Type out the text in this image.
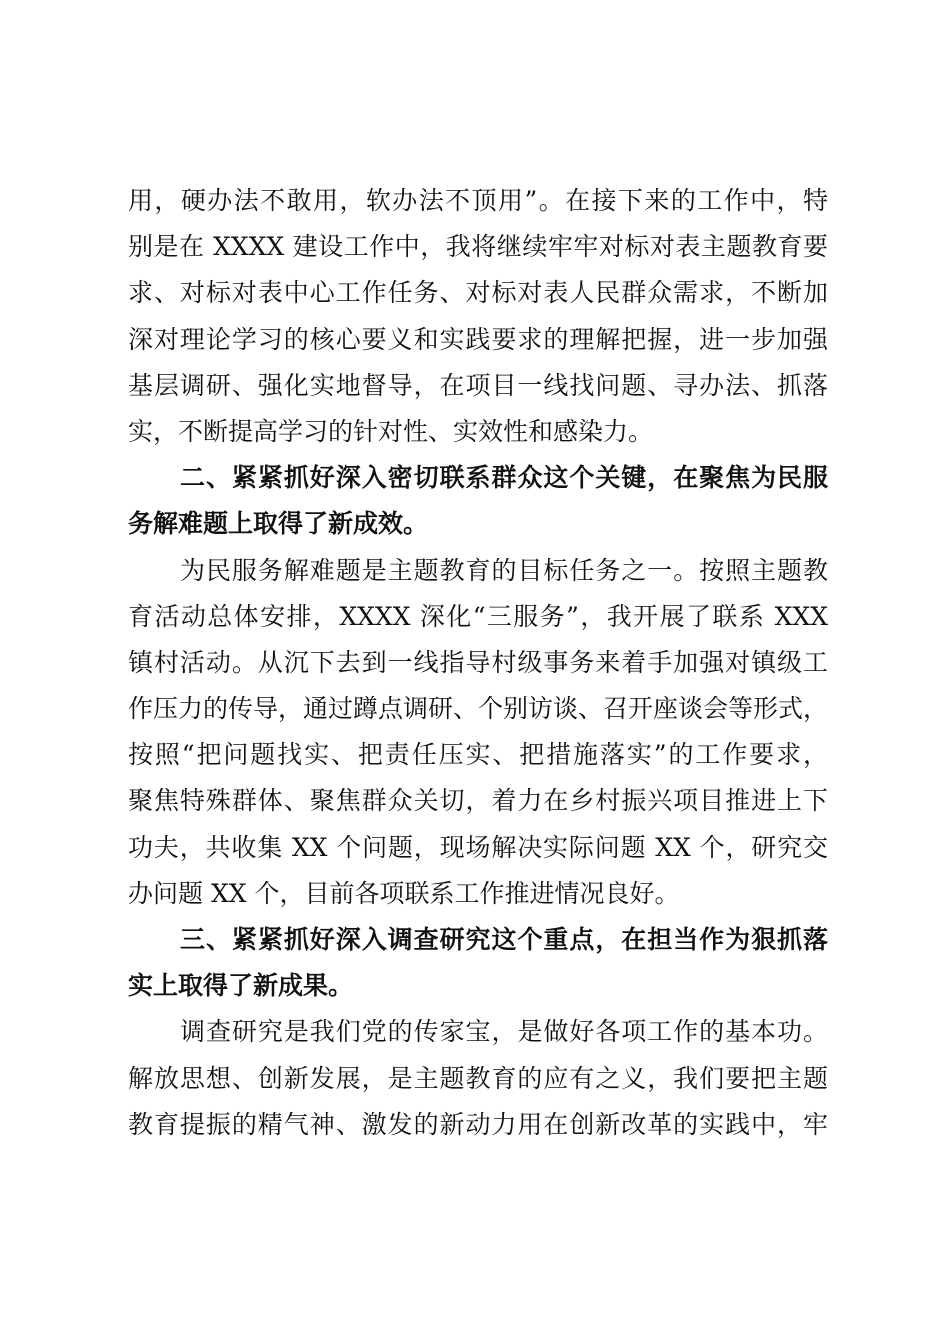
用，硬办法不敢用，软办法不顶用”。在接下来的工作中，特
别是在 XXXX 建设工作中，我将继续牢牢对标对表主题教育要
求、对标对表中心工作任务、对标对表人民群众需求，不断加
深对理论学习的核心要义和实践要求的理解把握，进一步加强
基层调研、强化实地督导，在项目一线找问题、寻办法、抓落
实，不断提高学习的针对性、实效性和感染力。
二、紧紧抓好深入密切联系群众这个关键，在聚焦为民服
务解难题上取得了新成效。
为民服务解难题是主题教育的目标任务之一。按照主题教
育活动总体安排，XXXX 深化“三服务”，我开展了联系 XXX
镇村活动。从沉下去到一线指导村级事务来着手加强对镇级工
作压力的传导，通过蹲点调研、个别访谈、召开座谈会等形式，
按照“把问题找实、把责任压实、把措施落实”的工作要求，
聚焦特殊群体、聚焦群众关切，着力在乡村振兴项目推进上下
功夫，共收集 XX 个问题，现场解决实际问题 XX 个，研究交
办问题 XX 个，目前各项联系工作推进情况良好。
三、紧紧抓好深入调查研究这个重点，在担当作为狠抓落
实上取得了新成果。
调查研究是我们党的传家宝，是做好各项工作的基本功。
解放思想、创新发展，是主题教育的应有之义，我们要把主题
教育提振的精气神、激发的新动力用在创新改革的实践中，牢
